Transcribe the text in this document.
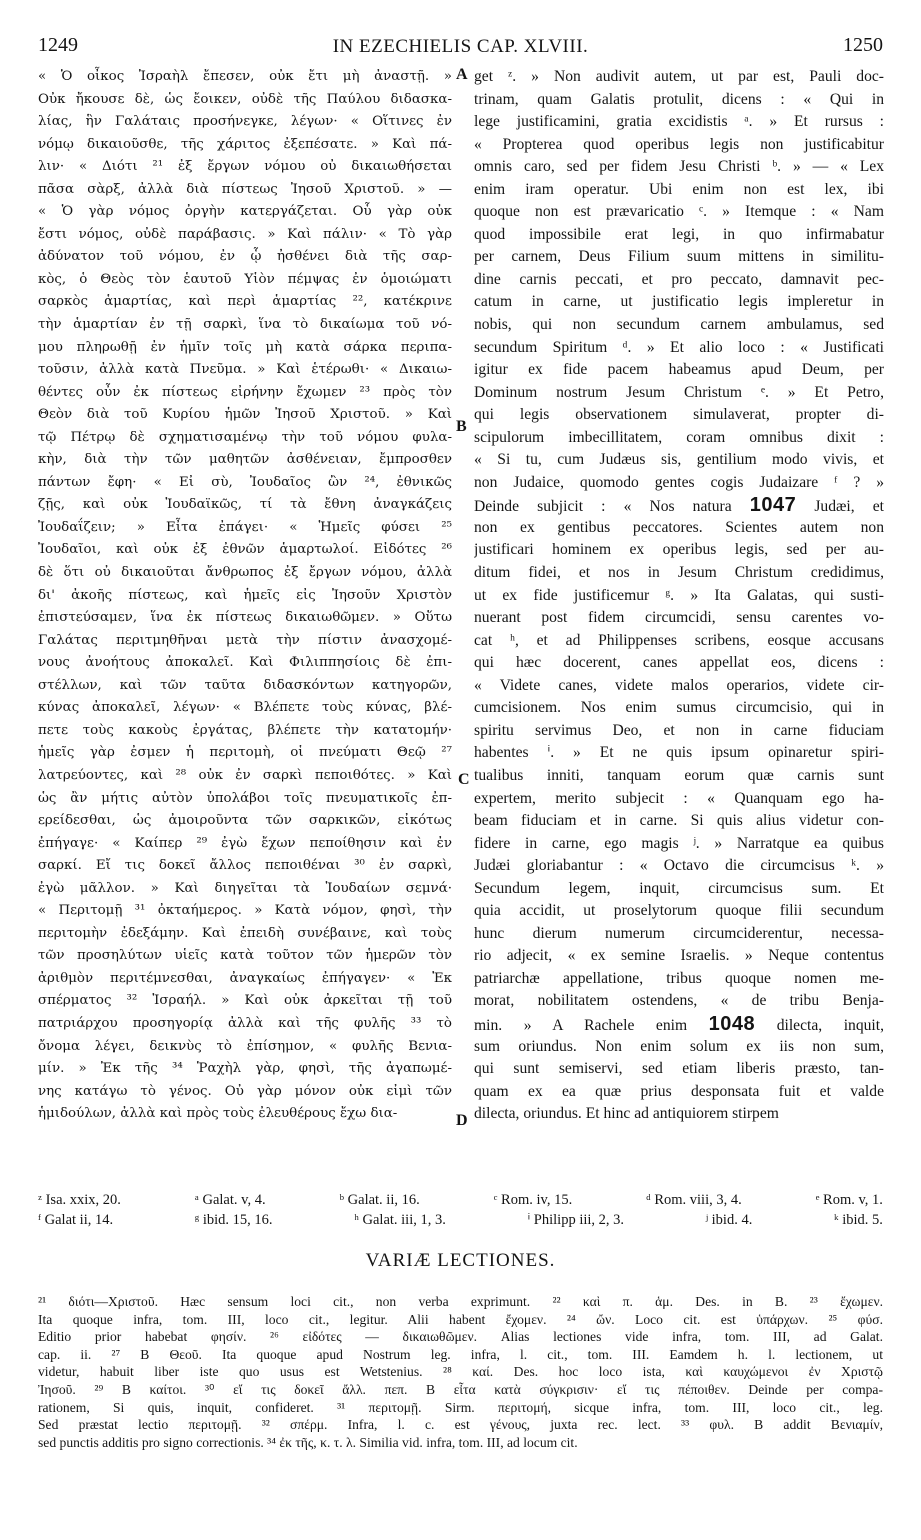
1249	IN EZECHIELIS CAP. XLVIII.	1250
« Ὁ οἶκος Ἰσραὴλ ἔπεσεν, οὐκ ἔτι μὴ ἀναστῇ. »
Οὐκ ἤκουσε δὲ, ὡς ἔοικεν, οὐδὲ τῆς Παύλου διδασκα-
λίας, ἣν Γαλάταις προσήνεγκε, λέγων· « Οἵτινες ἐν
νόμῳ δικαιοῦσθε, τῆς χάριτος ἐξεπέσατε. » Καὶ πά-
λιν· « Διότι ²¹ ἐξ ἔργων νόμου οὐ δικαιωθήσεται
πᾶσα σὰρξ, ἀλλὰ διὰ πίστεως Ἰησοῦ Χριστοῦ. » —
« Ὁ γὰρ νόμος ὀργὴν κατεργάζεται. Οὗ γὰρ οὐκ
ἔστι νόμος, οὐδὲ παράβασις. » Καὶ πάλιν· « Τὸ γὰρ
ἀδύνατον τοῦ νόμου, ἐν ᾧ ἠσθένει διὰ τῆς σαρ-
κὸς, ὁ Θεὸς τὸν ἑαυτοῦ Υἱὸν πέμψας ἐν ὁμοιώματι
σαρκὸς ἁμαρτίας, καὶ περὶ ἁμαρτίας ²², κατέκρινε
τὴν ἁμαρτίαν ἐν τῇ σαρκὶ, ἵνα τὸ δικαίωμα τοῦ νό-
μου πληρωθῇ ἐν ἡμῖν τοῖς μὴ κατὰ σάρκα περιπα-
τοῦσιν, ἀλλὰ κατὰ Πνεῦμα. » Καὶ ἑτέρωθι· « Δικαιω-
θέντες οὖν ἐκ πίστεως εἰρήνην ἔχωμεν ²³ πρὸς τὸν
Θεὸν διὰ τοῦ Κυρίου ἡμῶν Ἰησοῦ Χριστοῦ. » Καὶ
τῷ Πέτρῳ δὲ σχηματισαμένῳ τὴν τοῦ νόμου φυλα-
κὴν, διὰ τὴν τῶν μαθητῶν ἀσθένειαν, ἔμπροσθεν
πάντων ἔφη· « Εἰ σὺ, Ἰουδαῖος ὢν ²⁴, ἐθνικῶς
ζῇς, καὶ οὐκ Ἰουδαϊκῶς, τί τὰ ἔθνη ἀναγκάζεις
Ἰουδαΐζειν; » Εἶτα ἐπάγει· « Ἡμεῖς φύσει ²⁵
Ἰουδαῖοι, καὶ οὐκ ἐξ ἐθνῶν ἁμαρτωλοί. Εἰδότες ²⁶
δὲ ὅτι οὐ δικαιοῦται ἄνθρωπος ἐξ ἔργων νόμου, ἀλλὰ
δι' ἀκοῆς πίστεως, καὶ ἡμεῖς εἰς Ἰησοῦν Χριστὸν
ἐπιστεύσαμεν, ἵνα ἐκ πίστεως δικαιωθῶμεν. » Οὕτω
Γαλάτας περιτμηθῆναι μετὰ τὴν πίστιν ἀνασχομέ-
νους ἀνοήτους ἀποκαλεῖ. Καὶ Φιλιππησίοις δὲ ἐπι-
στέλλων, καὶ τῶν ταῦτα διδασκόντων κατηγορῶν,
κύνας ἀποκαλεῖ, λέγων· « Βλέπετε τοὺς κύνας, βλέ-
πετε τοὺς κακοὺς ἐργάτας, βλέπετε τὴν κατατομήν·
ἡμεῖς γὰρ ἐσμεν ἡ περιτομὴ, οἱ πνεύματι Θεῷ ²⁷
λατρεύοντες, καὶ ²⁸ οὐκ ἐν σαρκὶ πεποιθότες. » Καὶ
ὡς ἂν μήτις αὐτὸν ὑπολάβοι τοῖς πνευματικοῖς ἐπ-
ερείδεσθαι, ὡς ἀμοιροῦντα τῶν σαρκικῶν, εἰκότως
ἐπήγαγε· « Καίπερ ²⁹ ἐγὼ ἔχων πεποίθησιν καὶ ἐν
σαρκί. Εἴ τις δοκεῖ ἄλλος πεποιθέναι ³⁰ ἐν σαρκὶ,
ἐγὼ μᾶλλον. » Καὶ διηγεῖται τὰ Ἰουδαίων σεμνά·
« Περιτομῇ ³¹ ὀκταήμερος. » Κατὰ νόμον, φησὶ, τὴν
περιτομὴν ἐδεξάμην. Καὶ ἐπειδὴ συνέβαινε, καὶ τοὺς
τῶν προσηλύτων υἱεῖς κατὰ τοῦτον τῶν ἡμερῶν τὸν
ἀριθμὸν περιτέμνεσθαι, ἀναγκαίως ἐπήγαγεν· « Ἐκ
σπέρματος ³² Ἰσραήλ. » Καὶ οὐκ ἀρκεῖται τῇ τοῦ
πατριάρχου προσηγορίᾳ ἀλλὰ καὶ τῆς φυλῆς ³³ τὸ
ὄνομα λέγει, δεικνὺς τὸ ἐπίσημον, « φυλῆς Βενια-
μίν. » Ἐκ τῆς ³⁴ Ῥαχὴλ γὰρ, φησὶ, τῆς ἀγαπωμέ-
νης κατάγω τὸ γένος. Οὐ γὰρ μόνον οὐκ εἰμὶ τῶν
ἡμιδούλων, ἀλλὰ καὶ πρὸς τοὺς ἐλευθέρους ἔχω δια-
A
B
C
D
get ᶻ. » Non audivit autem, ut par est, Pauli doc-
trinam, quam Galatis protulit, dicens : « Qui in
lege justificamini, gratia excidistis ᵃ. » Et rursus :
« Propterea quod operibus legis non justificabitur
omnis caro, sed per fidem Jesu Christi ᵇ. » — « Lex
enim iram operatur. Ubi enim non est lex, ibi
quoque non est prævaricatio ᶜ. » Itemque : « Nam
quod impossibile erat legi, in quo infirmabatur
per carnem, Deus Filium suum mittens in similitu-
dine carnis peccati, et pro peccato, damnavit pec-
catum in carne, ut justificatio legis impleretur in
nobis, qui non secundum carnem ambulamus, sed
secundum Spiritum ᵈ. » Et alio loco : « Justificati
igitur ex fide pacem habeamus apud Deum, per
Dominum nostrum Jesum Christum ᵉ. » Et Petro,
qui legis observationem simulaverat, propter di-
scipulorum imbecillitatem, coram omnibus dixit :
« Si tu, cum Judæus sis, gentilium modo vivis, et
non Judaice, quomodo gentes cogis Judaizare ᶠ ? »
Deinde subjicit : « Nos natura 1047 Judæi, et
non ex gentibus peccatores. Scientes autem non
justificari hominem ex operibus legis, sed per au-
ditum fidei, et nos in Jesum Christum credidimus,
ut ex fide justificemur ᵍ. » Ita Galatas, qui susti-
nuerant post fidem circumcidi, sensu carentes vo-
cat ʰ, et ad Philippenses scribens, eosque accusans
qui hæc docerent, canes appellat eos, dicens :
« Videte canes, videte malos operarios, videte cir-
cumcisionem. Nos enim sumus circumcisio, qui in
spiritu servimus Deo, et non in carne fiduciam
habentes ⁱ. » Et ne quis ipsum opinaretur spiri-
tualibus inniti, tanquam eorum quæ carnis sunt
expertem, merito subjecit : « Quanquam ego ha-
beam fiduciam et in carne. Si quis alius videtur con-
fidere in carne, ego magis ʲ. » Narratque ea quibus
Judæi gloriabantur : « Octavo die circumcisus ᵏ. »
Secundum legem, inquit, circumcisus sum. Et
quia accidit, ut proselytorum quoque filii secundum
hunc dierum numerum circumciderentur, necessa-
rio adjecit, « ex semine Israelis. » Neque contentus
patriarchæ appellatione, tribus quoque nomen me-
morat, nobilitatem ostendens, « de tribu Benja-
min. » A Rachele enim 1048 dilecta, inquit,
sum oriundus. Non enim solum ex iis non sum,
qui sunt semiservi, sed etiam liberis præsto, tan-
quam ex ea quæ prius desponsata fuit et valde
dilecta, oriundus. Et hinc ad antiquiorem stirpem
ᶻ Isa. xxix, 20.	ᵃ Galat. v, 4.	ᵇ Galat. ii, 16.	ᶜ Rom. iv, 15.	ᵈ Rom. viii, 3, 4.	ᵉ Rom. v, 1.
ᶠ Galat ii, 14.	ᵍ ibid. 15, 16.	ʰ Galat. iii, 1, 3.	ⁱ Philipp iii, 2, 3.	ʲ ibid. 4.	ᵏ ibid. 5.
VARIÆ LECTIONES.
²¹ διότι—Χριστοῦ. Hæc sensum loci cit., non verba exprimunt. ²² καὶ π. ἁμ. Des. in B. ²³ ἔχωμεν.
Ita quoque infra, tom. III, loco cit., legitur. Alii habent ἔχομεν. ²⁴ ὤν. Loco cit. est ὑπάρχων. ²⁵ φύσ.
Editio prior habebat φησίν. ²⁶ εἰδότες — δικαιωθῶμεν. Alias lectiones vide infra, tom. III, ad Galat.
cap. ii. ²⁷ B Θεοῦ. Ita quoque apud Nostrum leg. infra, l. cit., tom. III. Eamdem h. l. lectionem, ut
videtur, habuit liber iste quo usus est Wetstenius. ²⁸ καί. Des. hoc loco ista, καὶ καυχώμενοι ἐν Χριστῷ
Ἰησοῦ. ²⁹ B καίτοι. ³⁰ εἴ τις δοκεῖ ἄλλ. πεπ. B εἶτα κατὰ σύγκρισιν· εἴ τις πέποιθεν. Deinde per compa-
rationem, Si quis, inquit, confideret. ³¹ περιτομῇ. Sirm. περιτομή, sicque infra, tom. III, loco cit., leg.
Sed præstat lectio περιτομῇ. ³² σπέρμ. Infra, l. c. est γένους, juxta rec. lect. ³³ φυλ. B addit Βενιαμίν,
sed punctis additis pro signo correctionis. ³⁴ ἐκ τῆς, κ. τ. λ. Similia vid. infra, tom. III, ad locum cit.
